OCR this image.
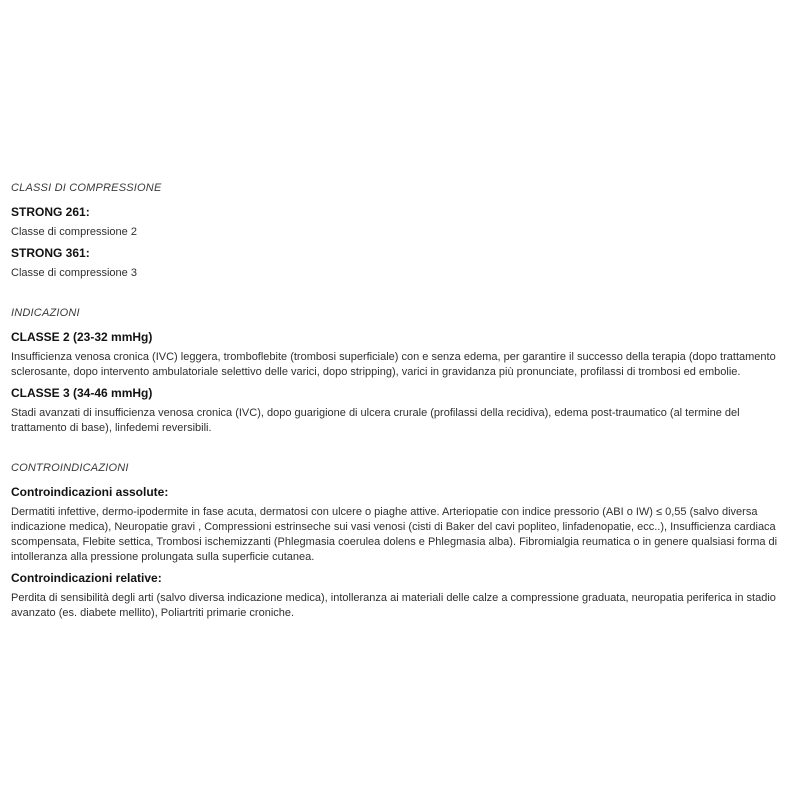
CLASSI DI COMPRESSIONE
STRONG 261:

Classe di compressione 2

STRONG 361:

Classe di compressione 3

INDICAZIONI
CLASSE 2 (23-32 mmHg)

Insufficienza venosa cronica (IVC) leggera, tromboflebite (trombosi superficiale) con e senza edema, per garantire il successo della terapia (dopo trattamento sclerosante, dopo intervento ambulatoriale selettivo delle varici, dopo stripping), varici in gravidanza più pronunciate, profilassi di trombosi ed embolie.

CLASSE 3 (34-46 mmHg)

Stadi avanzati di insufficienza venosa cronica (IVC), dopo guarigione di ulcera crurale (profilassi della recidiva), edema post-traumatico (al termine del trattamento di base), linfedemi reversibili.

CONTROINDICAZIONI
Controindicazioni assolute:

Dermatiti infettive, dermo-ipodermite in fase acuta, dermatosi con ulcere o piaghe attive. Arteriopatie con indice pressorio (ABI o IW) ≤ 0,55 (salvo diversa indicazione medica), Neuropatie gravi , Compressioni estrinseche sui vasi venosi (cisti di Baker del cavi popliteo, linfadenopatie, ecc..), Insufficienza cardiaca scompensata, Flebite settica, Trombosi ischemizzanti (Phlegmasia coerulea dolens e Phlegmasia alba). Fibromialgia reumatica o in genere qualsiasi forma di intolleranza alla pressione prolungata sulla superficie cutanea.

Controindicazioni relative:

Perdita di sensibilità degli arti (salvo diversa indicazione medica), intolleranza ai materiali delle calze a compressione graduata, neuropatia periferica in stadio avanzato (es. diabete mellito), Poliartriti primarie croniche.
